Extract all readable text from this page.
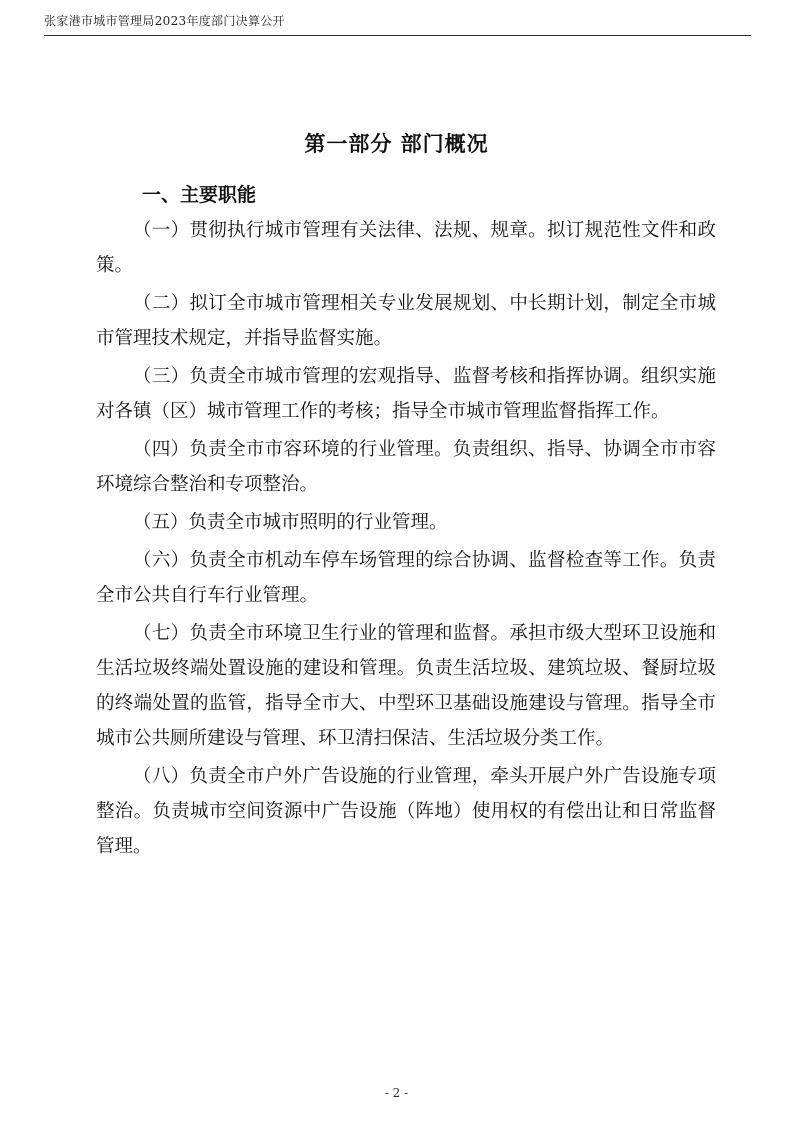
张家港市城市管理局2023年度部门决算公开
第一部分 部门概况
一、主要职能

（一）贯彻执行城市管理有关法律、法规、规章。拟订规范性文件和政策。

（二）拟订全市城市管理相关专业发展规划、中长期计划，制定全市城市管理技术规定，并指导监督实施。

（三）负责全市城市管理的宏观指导、监督考核和指挥协调。组织实施对各镇（区）城市管理工作的考核；指导全市城市管理监督指挥工作。

（四）负责全市市容环境的行业管理。负责组织、指导、协调全市市容环境综合整治和专项整治。

（五）负责全市城市照明的行业管理。

（六）负责全市机动车停车场管理的综合协调、监督检查等工作。负责全市公共自行车行业管理。

（七）负责全市环境卫生行业的管理和监督。承担市级大型环卫设施和生活垃圾终端处置设施的建设和管理。负责生活垃圾、建筑垃圾、餐厨垃圾的终端处置的监管，指导全市大、中型环卫基础设施建设与管理。指导全市城市公共厕所建设与管理、环卫清扫保洁、生活垃圾分类工作。

（八）负责全市户外广告设施的行业管理，牵头开展户外广告设施专项整治。负责城市空间资源中广告设施（阵地）使用权的有偿出让和日常监督管理。

- 2 -
